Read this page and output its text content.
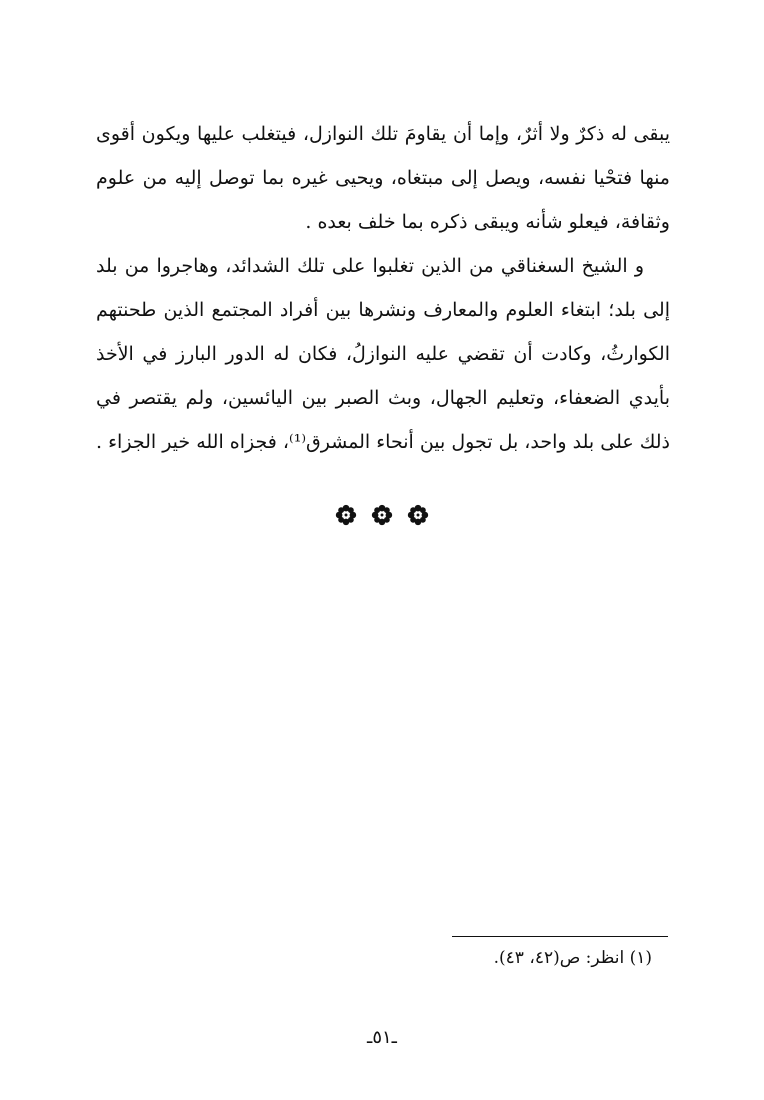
يبقى له ذكرٌ ولا أثرٌ، وإما أن يقاومَ تلك النوازل، فيتغلب عليها ويكون أقوى
منها فتحْيا نفسه، ويصل إلى مبتغاه، ويحيى غيره بما توصل إليه من علوم
وثقافة، فيعلو شأنه ويبقى ذكره بما خلف بعده .
و الشيخ السغناقي من الذين تغلبوا على تلك الشدائد، وهاجروا من بلد
إلى بلد؛ ابتغاء العلوم والمعارف ونشرها بين أفراد المجتمع الذين طحنتهم
الكوارثُ، وكادت أن تقضي عليه النوازلُ، فكان له الدور البارز في الأخذ
بأيدي الضعفاء، وتعليم الجهال، وبث الصبر بين اليائسين، ولم يقتصر في
ذلك على بلد واحد، بل تجول بين أنحاء المشرق⁽¹⁾، فجزاه الله خير الجزاء .
(١) انظر: ص(٤٢، ٤٣).
ـ٥١ـ
